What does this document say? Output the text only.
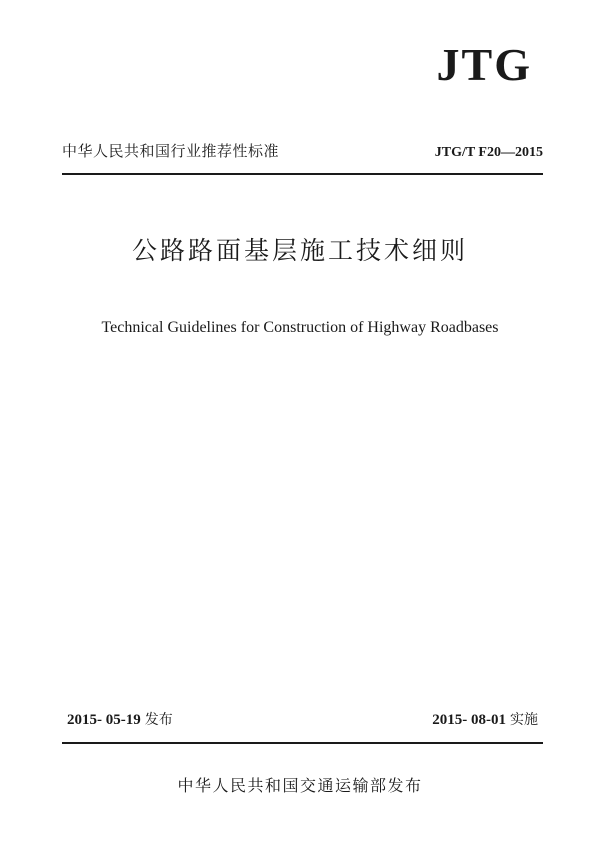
JTG
中华人民共和国行业推荐性标准	JTG/T F20—2015
公路路面基层施工技术细则
Technical Guidelines for Construction of Highway Roadbases
2015- 05-19 发布	2015- 08-01 实施
中华人民共和国交通运输部发布
